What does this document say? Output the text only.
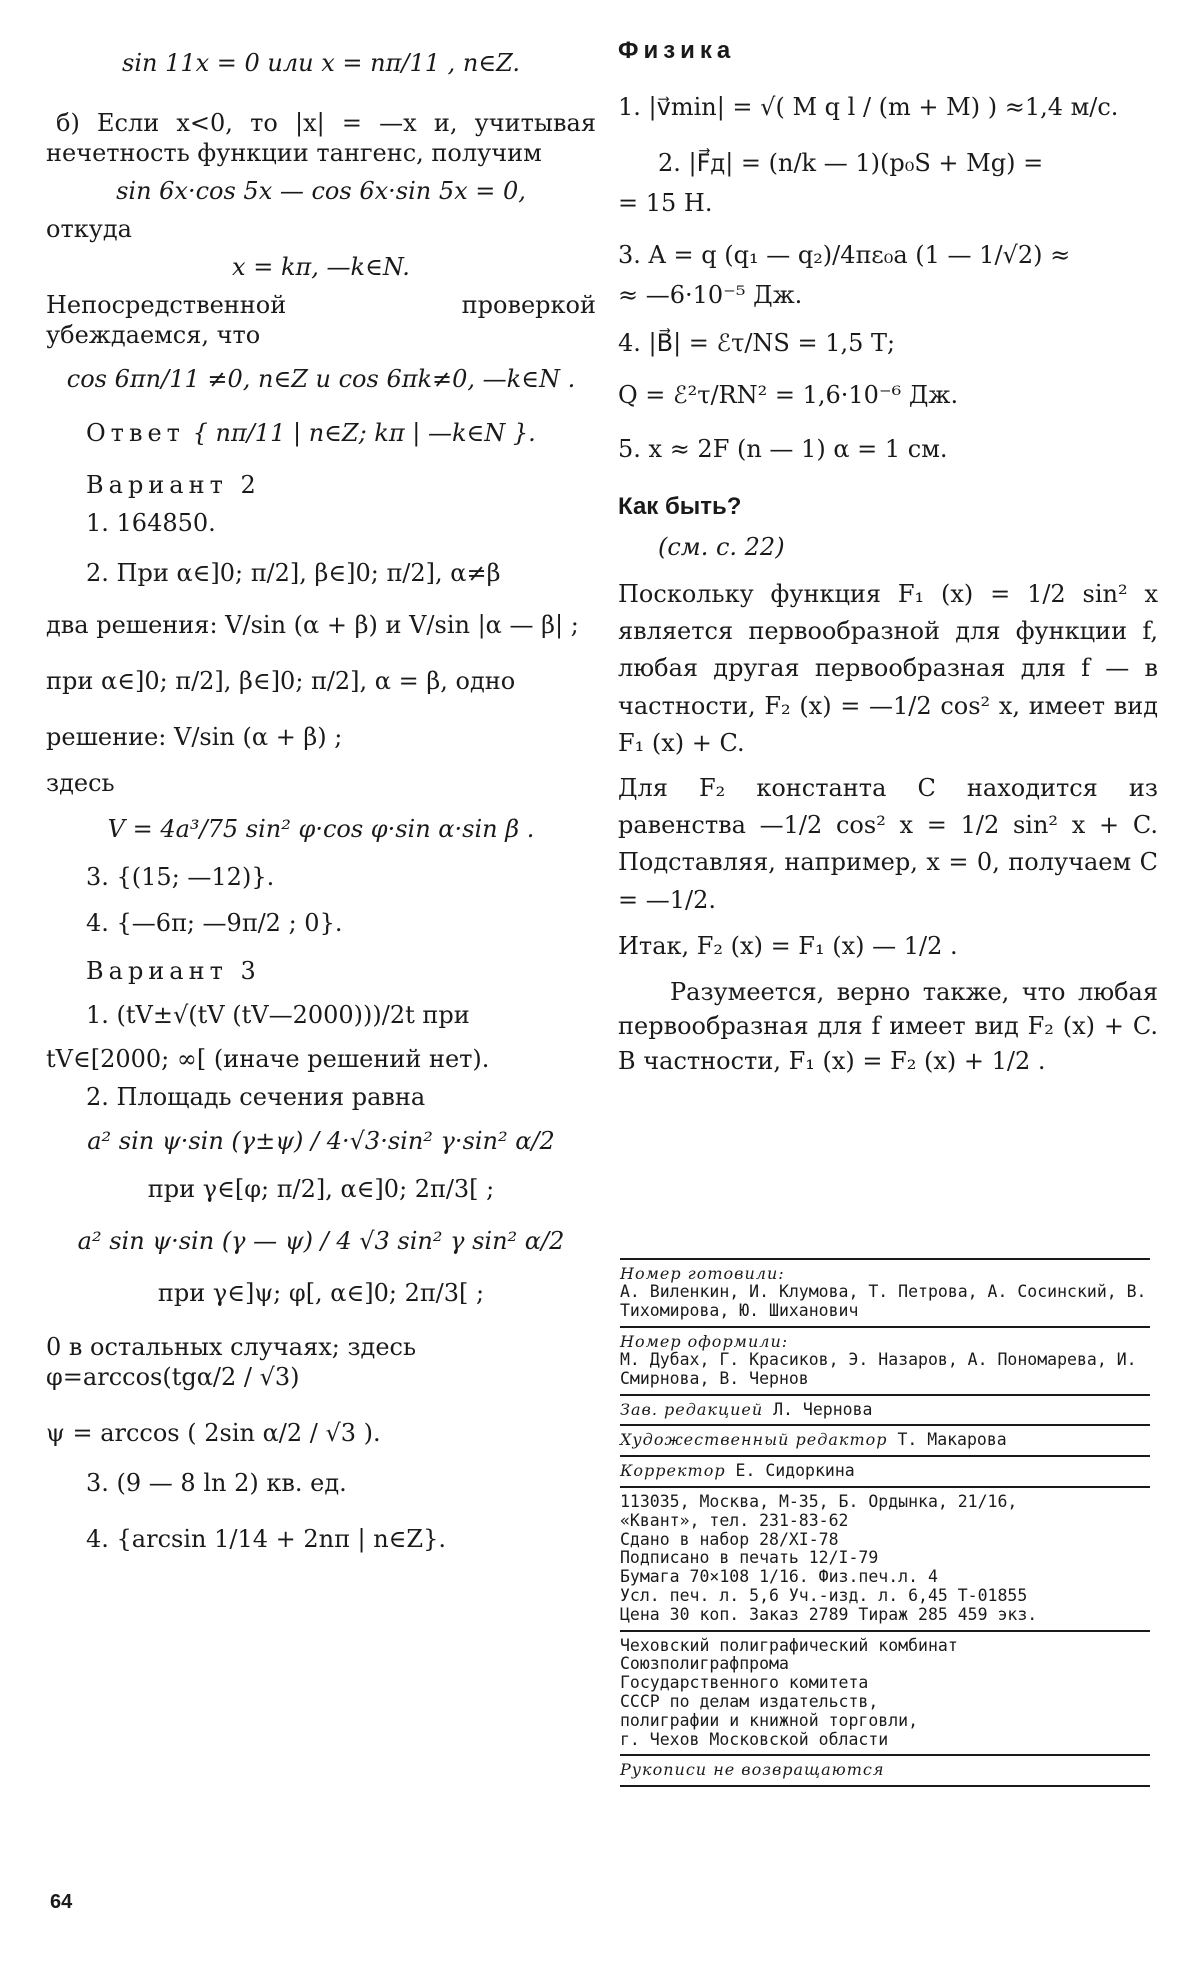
sin 11x = 0 или x = nπ/11 , n∈Z.
б) Если x<0, то |x| = —x и, учитывая нечетность функции тангенс, получим
sin 6x·cos 5x — cos 6x·sin 5x = 0,
откуда
x = kπ, —k∈N.
Непосредственной проверкой убеждаемся, что
cos 6πn/11 ≠0, n∈Z и cos 6πk≠0, —k∈N .
Ответ { nπ/11 | n∈Z; kπ | —k∈N }.
Вариант 2
1. 164850.
2. При α∈]0; π/2], β∈]0; π/2], α≠β
два решения: V/sin (α + β) и V/sin |α — β| ;
при α∈]0; π/2], β∈]0; π/2], α = β, одно
решение: V/sin (α + β) ;
здесь
V = 4a³/75 sin² φ·cos φ·sin α·sin β .
3. {(15; —12)}.
4. {—6π; —9π/2 ; 0}.
Вариант 3
1. (tV±√(tV (tV—2000)))/2t при
tV∈[2000; ∞[ (иначе решений нет).
2. Площадь сечения равна
a² sin ψ·sin (γ±ψ) / 4·√3·sin² γ·sin² α/2
при γ∈[φ; π/2], α∈]0; 2π/3[ ;
a² sin ψ·sin (γ — ψ) / 4 √3 sin² γ sin² α/2
при γ∈]ψ; φ[, α∈]0; 2π/3[ ;
0 в остальных случаях; здесь φ=arccos(tgα/2 / √3)
ψ = arccos ( 2sin α/2 / √3 ).
3. (9 — 8 ln 2) кв. ед.
4. {arcsin 1/14 + 2nπ | n∈Z}.
Физика
1. |v⃗min| = √( M q l / (m + M) ) ≈1,4 м/с.
2. |F⃗д| = (n/k — 1)(p₀S + Mg) =
= 15 Н.
3. A = q (q₁ — q₂)/4πε₀a (1 — 1/√2) ≈
≈ —6·10⁻⁵ Дж.
4. |B⃗| = ℰτ/NS = 1,5 Т;
Q = ℰ²τ/RN² = 1,6·10⁻⁶ Дж.
5. x ≈ 2F (n — 1) α = 1 см.
Как быть?
(см. с. 22)
Поскольку функция F₁ (x) = 1/2 sin² x является первообразной для функции f, любая другая первообразная для f — в частности, F₂ (x) = —1/2 cos² x, имеет вид F₁ (x) + C.
Для F₂ константа C находится из равенства —1/2 cos² x = 1/2 sin² x + C. Подставляя, например, x = 0, получаем C = —1/2.
Итак, F₂ (x) = F₁ (x) — 1/2 .
Разумеется, верно также, что любая первообразная для f имеет вид F₂ (x) + C. В частности, F₁ (x) = F₂ (x) + 1/2 .
Номер готовили:
А. Виленкин, И. Клумова, Т. Петрова, А. Сосинский, В. Тихомирова, Ю. Шиханович
Номер оформили:
М. Дубах, Г. Красиков, Э. Назаров, А. Пономарева, И. Смирнова, В. Чернов
Зав. редакцией Л. Чернова
Художественный редактор Т. Макарова
Корректор Е. Сидоркина
113035, Москва, М-35, Б. Ордынка, 21/16,
«Квант», тел. 231-83-62
Сдано в набор 28/XI-78
Подписано в печать 12/I-79
Бумага 70×108 1/16. Физ.печ.л. 4
Усл. печ. л. 5,6 Уч.-изд. л. 6,45 Т-01855
Цена 30 коп. Заказ 2789 Тираж 285 459 экз.
Чеховский полиграфический комбинат
Союзполиграфпрома
Государственного комитета
СССР по делам издательств,
полиграфии и книжной торговли,
г. Чехов Московской области
Рукописи не возвращаются
64
